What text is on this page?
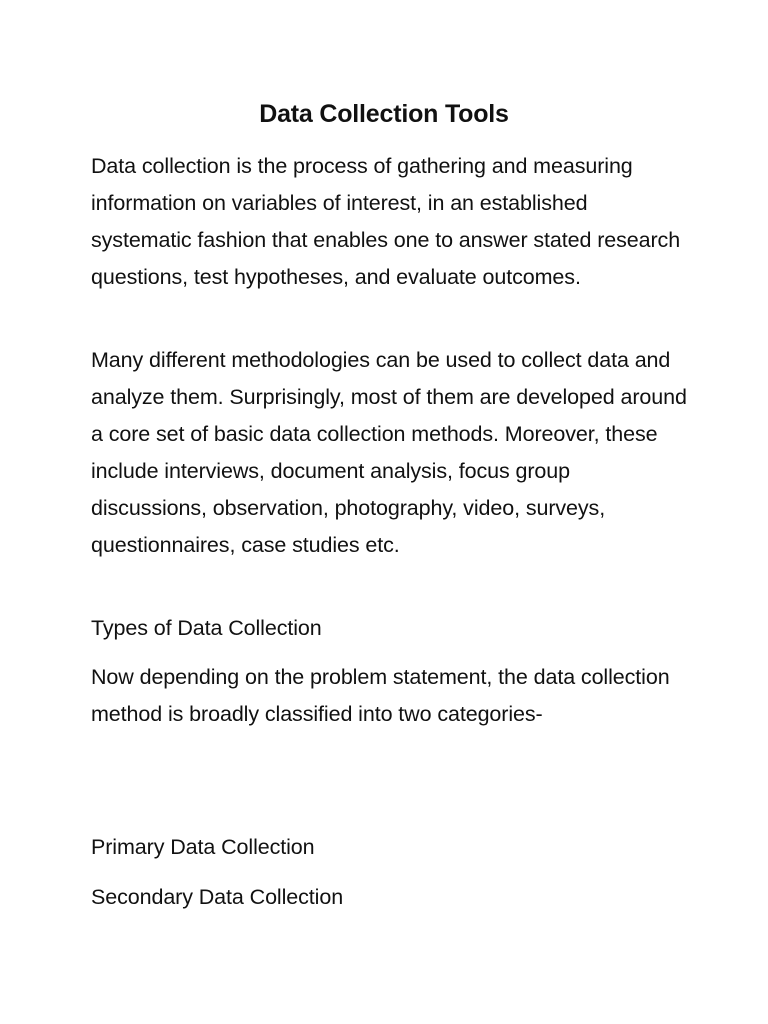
Data Collection Tools

Data collection is the process of gathering and measuring information on variables of interest, in an established systematic fashion that enables one to answer stated research questions, test hypotheses, and evaluate outcomes.

Many different methodologies can be used to collect data and analyze them. Surprisingly, most of them are developed around a core set of basic data collection methods. Moreover, these include interviews, document analysis, focus group discussions, observation, photography, video, surveys, questionnaires, case studies etc.

Types of Data Collection

Now depending on the problem statement, the data collection method is broadly classified into two categories-

Primary Data Collection

Secondary Data Collection
